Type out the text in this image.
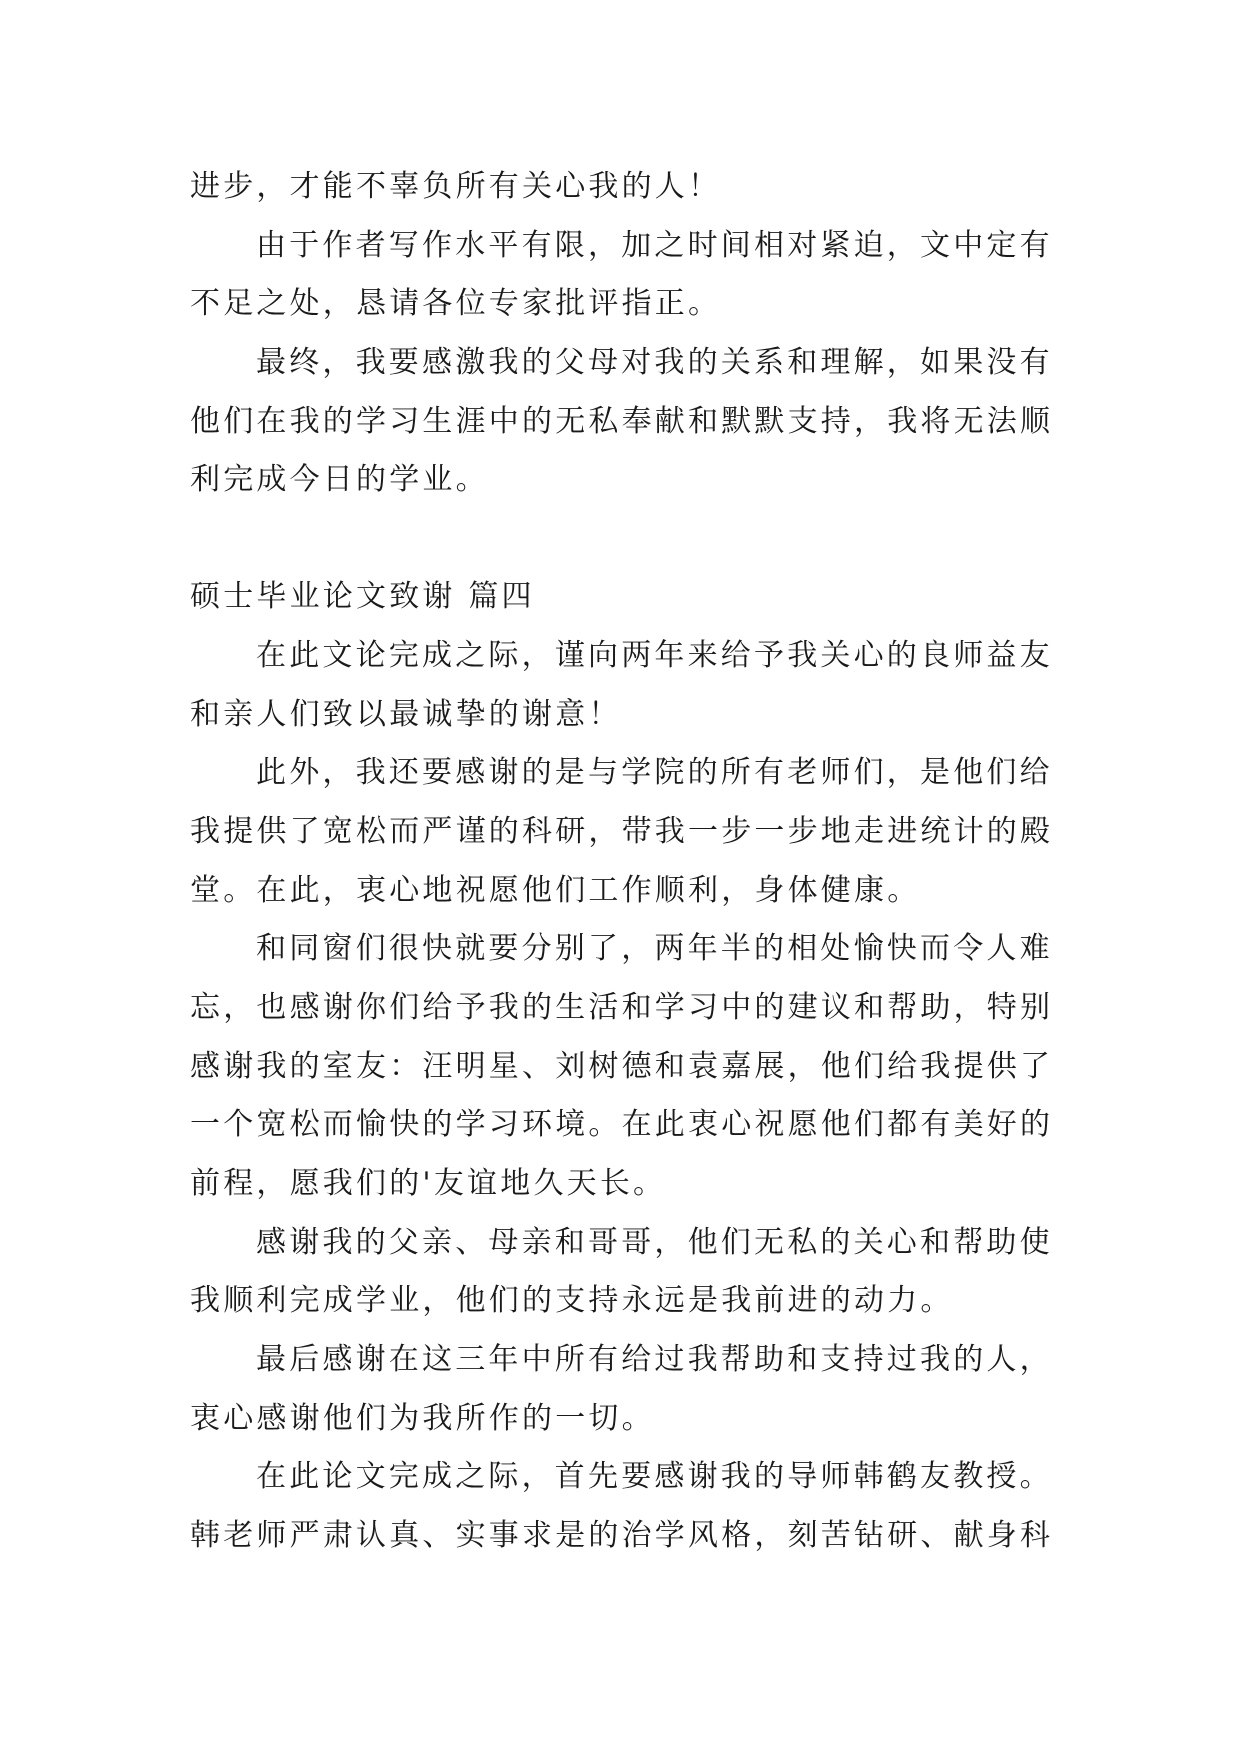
进步，才能不辜负所有关心我的人！
由于作者写作水平有限，加之时间相对紧迫，文中定有
不足之处，恳请各位专家批评指正。
最终，我要感激我的父母对我的关系和理解，如果没有
他们在我的学习生涯中的无私奉献和默默支持，我将无法顺
利完成今日的学业。
硕士毕业论文致谢 篇四
在此文论完成之际，谨向两年来给予我关心的良师益友
和亲人们致以最诚挚的谢意！
此外，我还要感谢的是与学院的所有老师们，是他们给
我提供了宽松而严谨的科研，带我一步一步地走进统计的殿
堂。在此，衷心地祝愿他们工作顺利，身体健康。
和同窗们很快就要分别了，两年半的相处愉快而令人难
忘，也感谢你们给予我的生活和学习中的建议和帮助，特别
感谢我的室友：汪明星、刘树德和袁嘉展，他们给我提供了
一个宽松而愉快的学习环境。在此衷心祝愿他们都有美好的
前程，愿我们的'友谊地久天长。
感谢我的父亲、母亲和哥哥，他们无私的关心和帮助使
我顺利完成学业，他们的支持永远是我前进的动力。
最后感谢在这三年中所有给过我帮助和支持过我的人，
衷心感谢他们为我所作的一切。
在此论文完成之际，首先要感谢我的导师韩鹤友教授。
韩老师严肃认真、实事求是的治学风格，刻苦钻研、献身科
